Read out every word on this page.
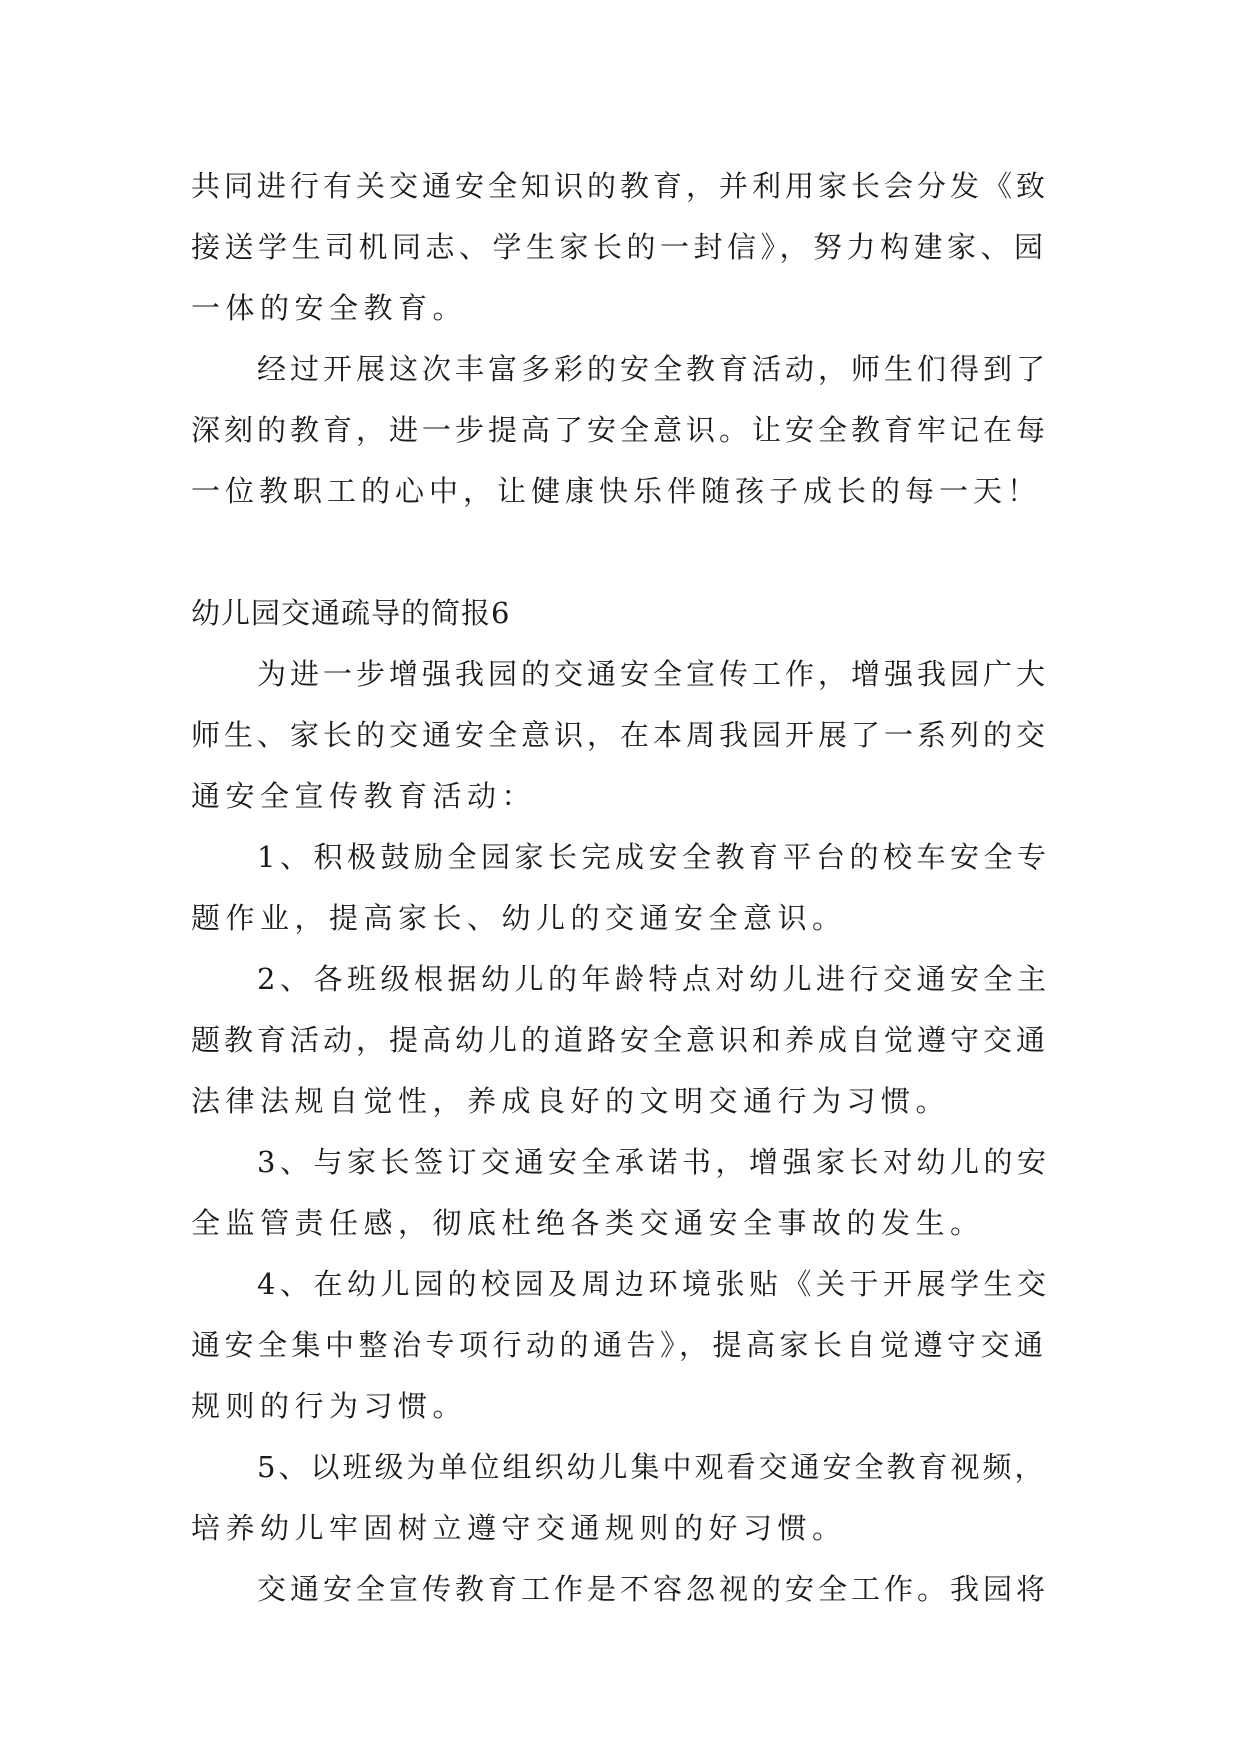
共同进行有关交通安全知识的教育，并利用家长会分发《致
接送学生司机同志、学生家长的一封信》，努力构建家、园
一体的安全教育。
经过开展这次丰富多彩的安全教育活动，师生们得到了
深刻的教育，进一步提高了安全意识。让安全教育牢记在每
一位教职工的心中，让健康快乐伴随孩子成长的每一天！
幼儿园交通疏导的简报6
为进一步增强我园的交通安全宣传工作，增强我园广大
师生、家长的交通安全意识，在本周我园开展了一系列的交
通安全宣传教育活动：
1、积极鼓励全园家长完成安全教育平台的校车安全专
题作业，提高家长、幼儿的交通安全意识。
2、各班级根据幼儿的年龄特点对幼儿进行交通安全主
题教育活动，提高幼儿的道路安全意识和养成自觉遵守交通
法律法规自觉性，养成良好的文明交通行为习惯。
3、与家长签订交通安全承诺书，增强家长对幼儿的安
全监管责任感，彻底杜绝各类交通安全事故的发生。
4、在幼儿园的校园及周边环境张贴《关于开展学生交
通安全集中整治专项行动的通告》，提高家长自觉遵守交通
规则的行为习惯。
5、以班级为单位组织幼儿集中观看交通安全教育视频，
培养幼儿牢固树立遵守交通规则的好习惯。
交通安全宣传教育工作是不容忽视的安全工作。我园将
